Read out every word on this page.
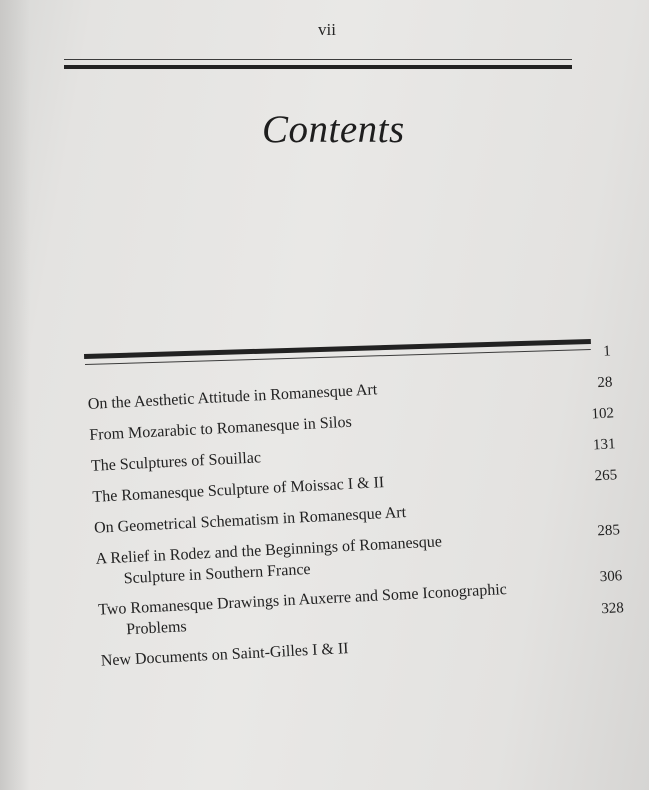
vii
Contents
On the Aesthetic Attitude in Romanesque Art
1
From Mozarabic to Romanesque in Silos
28
The Sculptures of Souillac
102
The Romanesque Sculpture of Moissac I & II
131
On Geometrical Schematism in Romanesque Art
265
A Relief in Rodez and the Beginnings of Romanesque
Sculpture in Southern France
285
Two Romanesque Drawings in Auxerre and Some Iconographic
Problems
306
New Documents on Saint-Gilles I & II
328
